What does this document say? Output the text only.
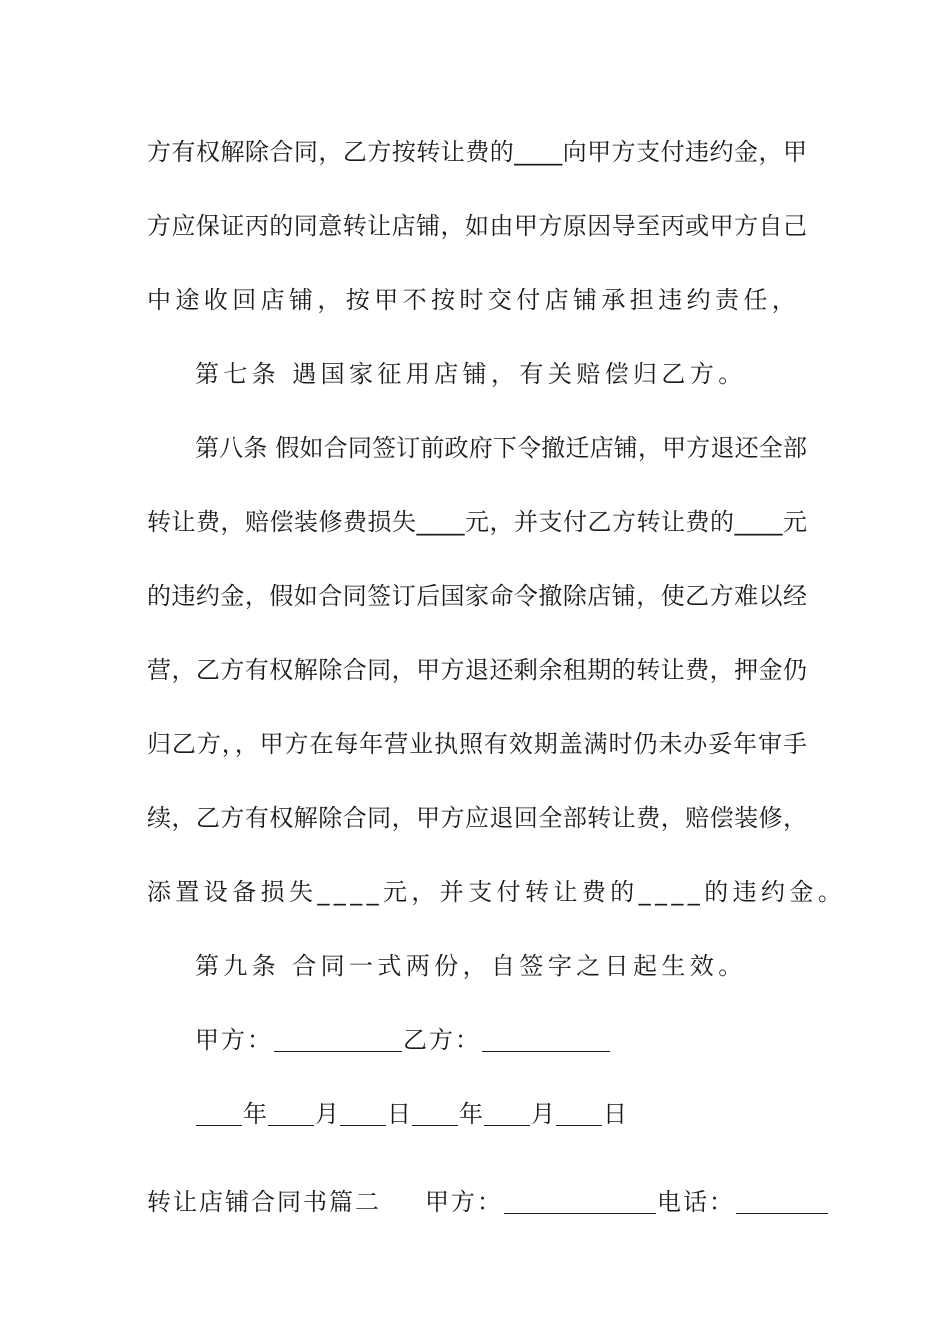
方有权解除合同，乙方按转让费的____向甲方支付违约金，甲
方应保证丙的同意转让店铺，如由甲方原因导至丙或甲方自己
中途收回店铺，按甲不按时交付店铺承担违约责任，
第七条 遇国家征用店铺，有关赔偿归乙方。
第八条 假如合同签订前政府下令撤迁店铺，甲方退还全部
转让费，赔偿装修费损失____元，并支付乙方转让费的____元
的违约金，假如合同签订后国家命令撤除店铺，使乙方难以经
营，乙方有权解除合同，甲方退还剩余租期的转让费，押金仍
归乙方，，甲方在每年营业执照有效期盖满时仍未办妥年审手
续，乙方有权解除合同，甲方应退回全部转让费，赔偿装修，
添置设备损失____元，并支付转让费的____的违约金。
第九条 合同一式两份，自签字之日起生效。
甲方：	乙方：
年 月 日 年 月 日
转让店铺合同书篇二 甲方：	电话：
